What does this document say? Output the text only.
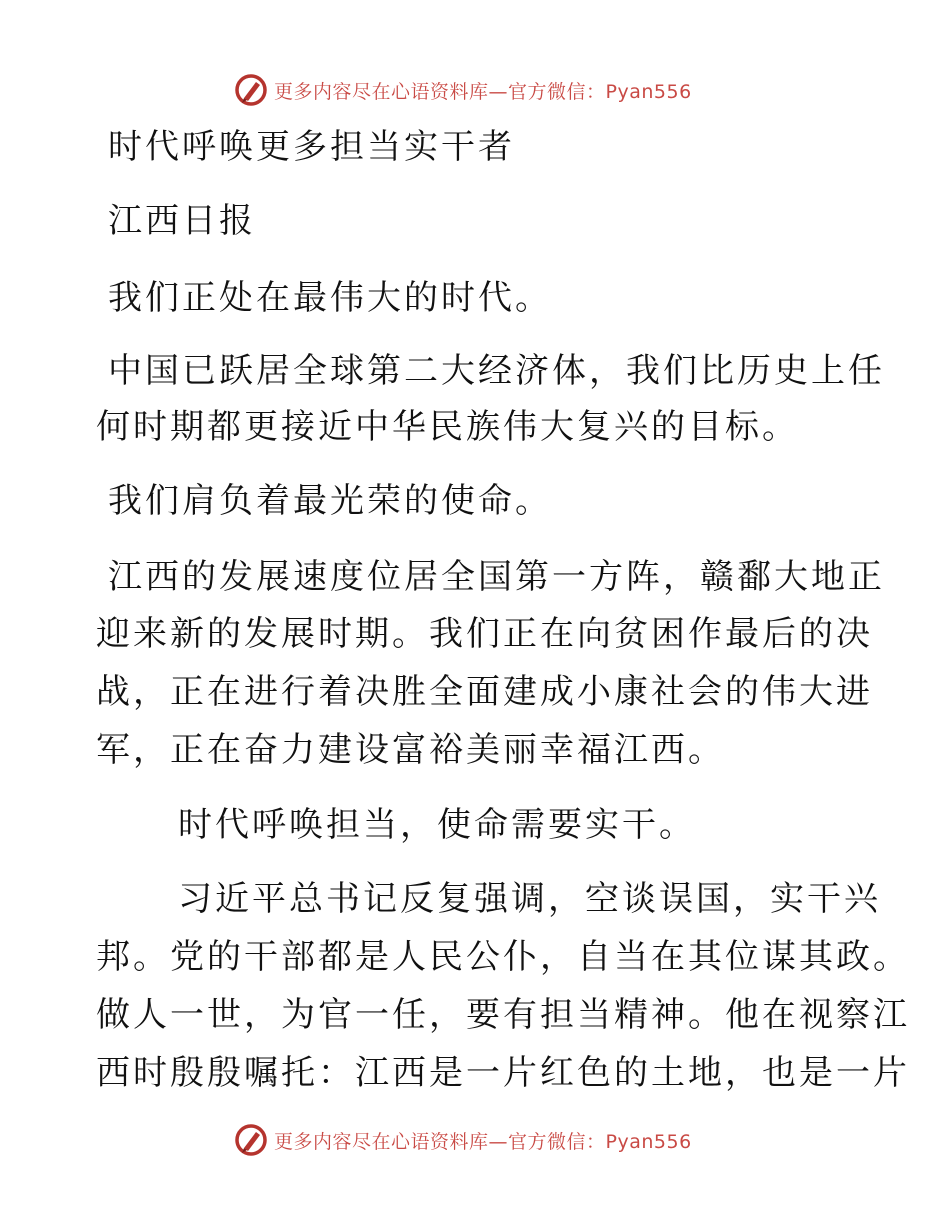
更多内容尽在心语资料库—官方微信：Pyan556
时代呼唤更多担当实干者
江西日报
我们正处在最伟大的时代。
中国已跃居全球第二大经济体，我们比历史上任
何时期都更接近中华民族伟大复兴的目标。
我们肩负着最光荣的使命。
江西的发展速度位居全国第一方阵，赣鄱大地正
迎来新的发展时期。我们正在向贫困作最后的决
战，正在进行着决胜全面建成小康社会的伟大进
军，正在奋力建设富裕美丽幸福江西。
时代呼唤担当，使命需要实干。
习近平总书记反复强调，空谈误国，实干兴
邦。党的干部都是人民公仆，自当在其位谋其政。
做人一世，为官一任，要有担当精神。他在视察江
西时殷殷嘱托：江西是一片红色的土地，也是一片
更多内容尽在心语资料库—官方微信：Pyan556
